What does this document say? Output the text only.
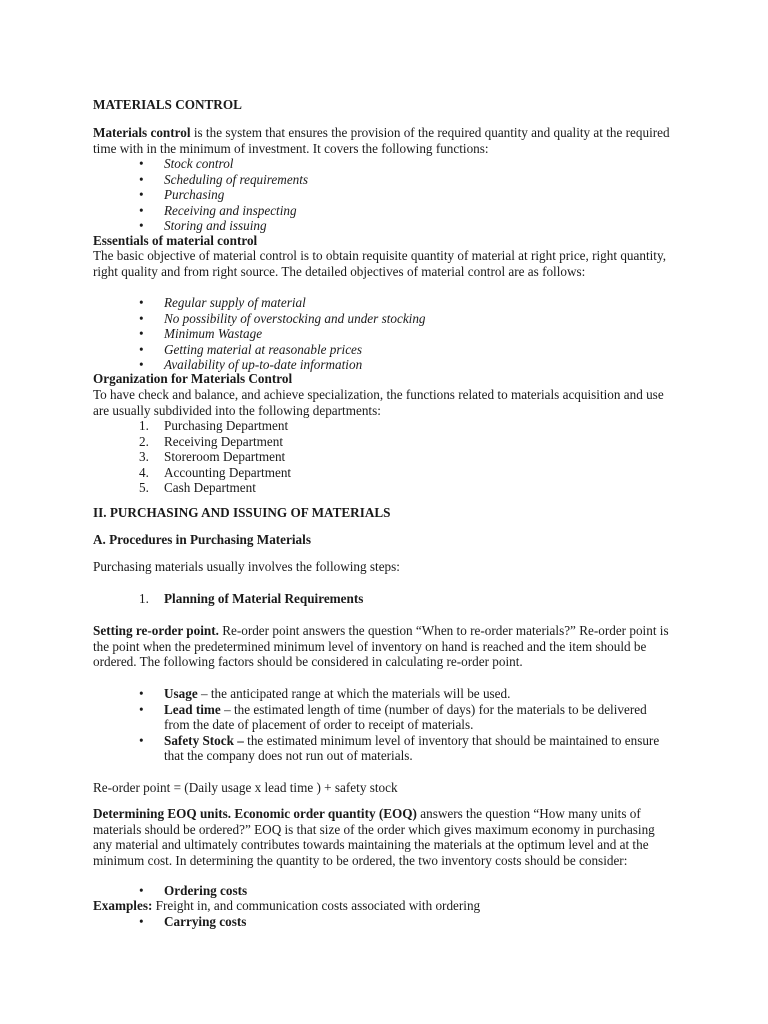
MATERIALS CONTROL

Materials control is the system that ensures the provision of the required quantity and quality at the required time with in the minimum of investment. It covers the following functions:

• Stock control
• Scheduling of requirements
• Purchasing
• Receiving and inspecting
• Storing and issuing

Essentials of material control

The basic objective of material control is to obtain requisite quantity of material at right price, right quantity, right quality and from right source. The detailed objectives of material control are as follows:

• Regular supply of material
• No possibility of overstocking and under stocking
• Minimum Wastage
• Getting material at reasonable prices
• Availability of up-to-date information

Organization for Materials Control

To have check and balance, and achieve specialization, the functions related to materials acquisition and use are usually subdivided into the following departments:

1. Purchasing Department
2. Receiving Department
3. Storeroom Department
4. Accounting Department
5. Cash Department

II. PURCHASING AND ISSUING OF MATERIALS

A. Procedures in Purchasing Materials

Purchasing materials usually involves the following steps:

1. Planning of Material Requirements

Setting re-order point. Re-order point answers the question “When to re-order materials?” Re-order point is the point when the predetermined minimum level of inventory on hand is reached and the item should be ordered. The following factors should be considered in calculating re-order point.

• Usage – the anticipated range at which the materials will be used.
• Lead time – the estimated length of time (number of days) for the materials to be delivered from the date of placement of order to receipt of materials.
• Safety Stock – the estimated minimum level of inventory that should be maintained to ensure that the company does not run out of materials.

Re-order point = (Daily usage x lead time ) + safety stock

Determining EOQ units. Economic order quantity (EOQ) answers the question “How many units of materials should be ordered?” EOQ is that size of the order which gives maximum economy in purchasing any material and ultimately contributes towards maintaining the materials at the optimum level and at the minimum cost. In determining the quantity to be ordered, the two inventory costs should be consider:

• Ordering costs

Examples: Freight in, and communication costs associated with ordering

• Carrying costs
